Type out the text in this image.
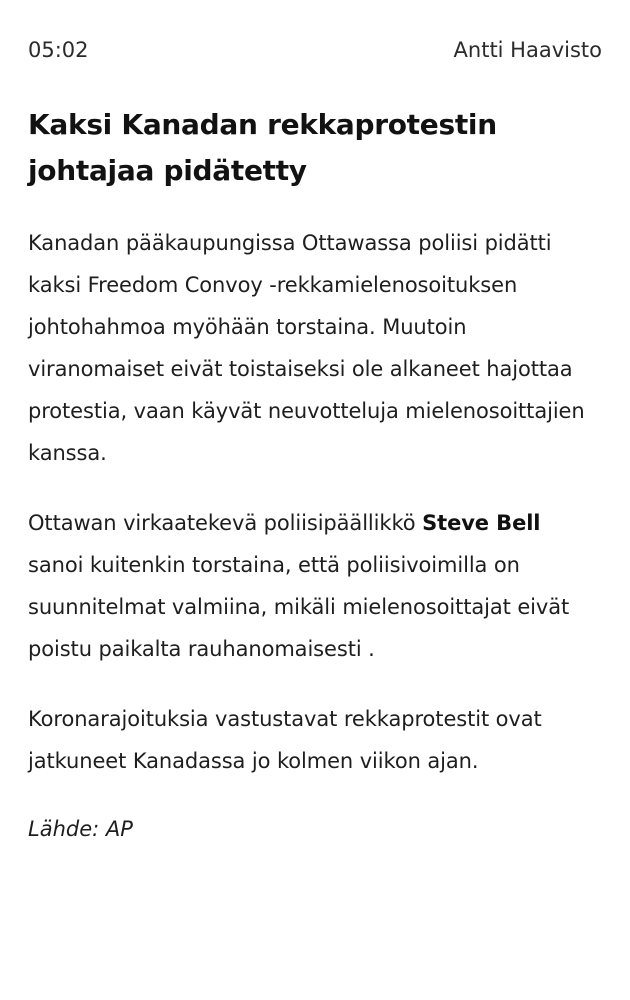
05:02	Antti Haavisto
Kaksi Kanadan rekkaprotestin johtajaa pidätetty

Kanadan pääkaupungissa Ottawassa poliisi pidätti kaksi Freedom Convoy -rekkamielenosoituksen johtohahmoa myöhään torstaina. Muutoin viranomaiset eivät toistaiseksi ole alkaneet hajottaa protestia, vaan käyvät neuvotteluja mielenosoittajien kanssa.

Ottawan virkaatekevä poliisipäällikkö Steve Bell sanoi kuitenkin torstaina, että poliisivoimilla on suunnitelmat valmiina, mikäli mielenosoittajat eivät poistu paikalta rauhanomaisesti .

Koronarajoituksia vastustavat rekkaprotestit ovat jatkuneet Kanadassa jo kolmen viikon ajan.

Lähde: AP
